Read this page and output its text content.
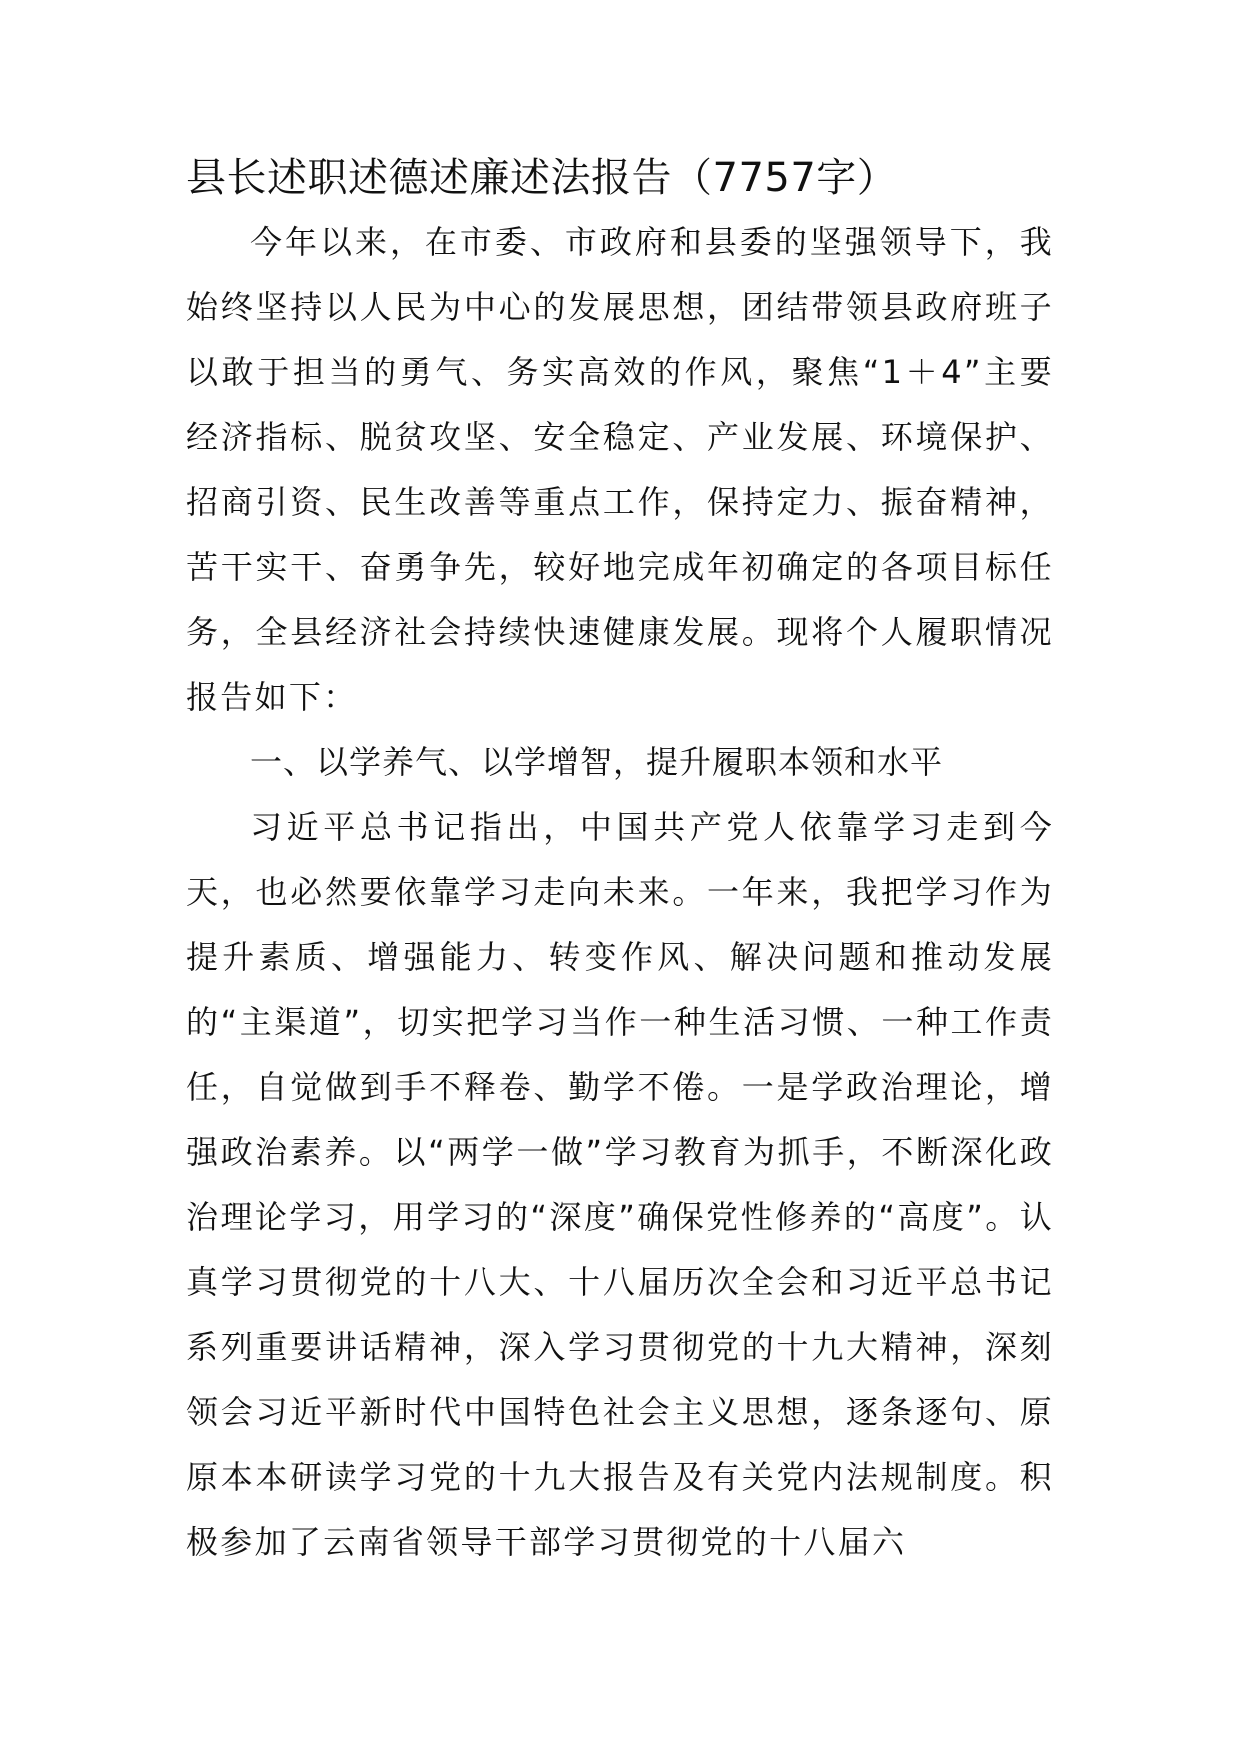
县长述职述德述廉述法报告（7757字）

今年以来，在市委、市政府和县委的坚强领导下，我始终坚持以人民为中心的发展思想，团结带领县政府班子以敢于担当的勇气、务实高效的作风，聚焦“1＋4”主要经济指标、脱贫攻坚、安全稳定、产业发展、环境保护、招商引资、民生改善等重点工作，保持定力、振奋精神，苦干实干、奋勇争先，较好地完成年初确定的各项目标任务，全县经济社会持续快速健康发展。现将个人履职情况报告如下：

一、以学养气、以学增智，提升履职本领和水平

习近平总书记指出，中国共产党人依靠学习走到今天，也必然要依靠学习走向未来。一年来，我把学习作为提升素质、增强能力、转变作风、解决问题和推动发展的“主渠道”，切实把学习当作一种生活习惯、一种工作责任，自觉做到手不释卷、勤学不倦。一是学政治理论，增强政治素养。以“两学一做”学习教育为抓手，不断深化政治理论学习，用学习的“深度”确保党性修养的“高度”。认真学习贯彻党的十八大、十八届历次全会和习近平总书记系列重要讲话精神，深入学习贯彻党的十九大精神，深刻领会习近平新时代中国特色社会主义思想，逐条逐句、原原本本研读学习党的十九大报告及有关党内法规制度。积极参加了云南省领导干部学习贯彻党的十八届六
